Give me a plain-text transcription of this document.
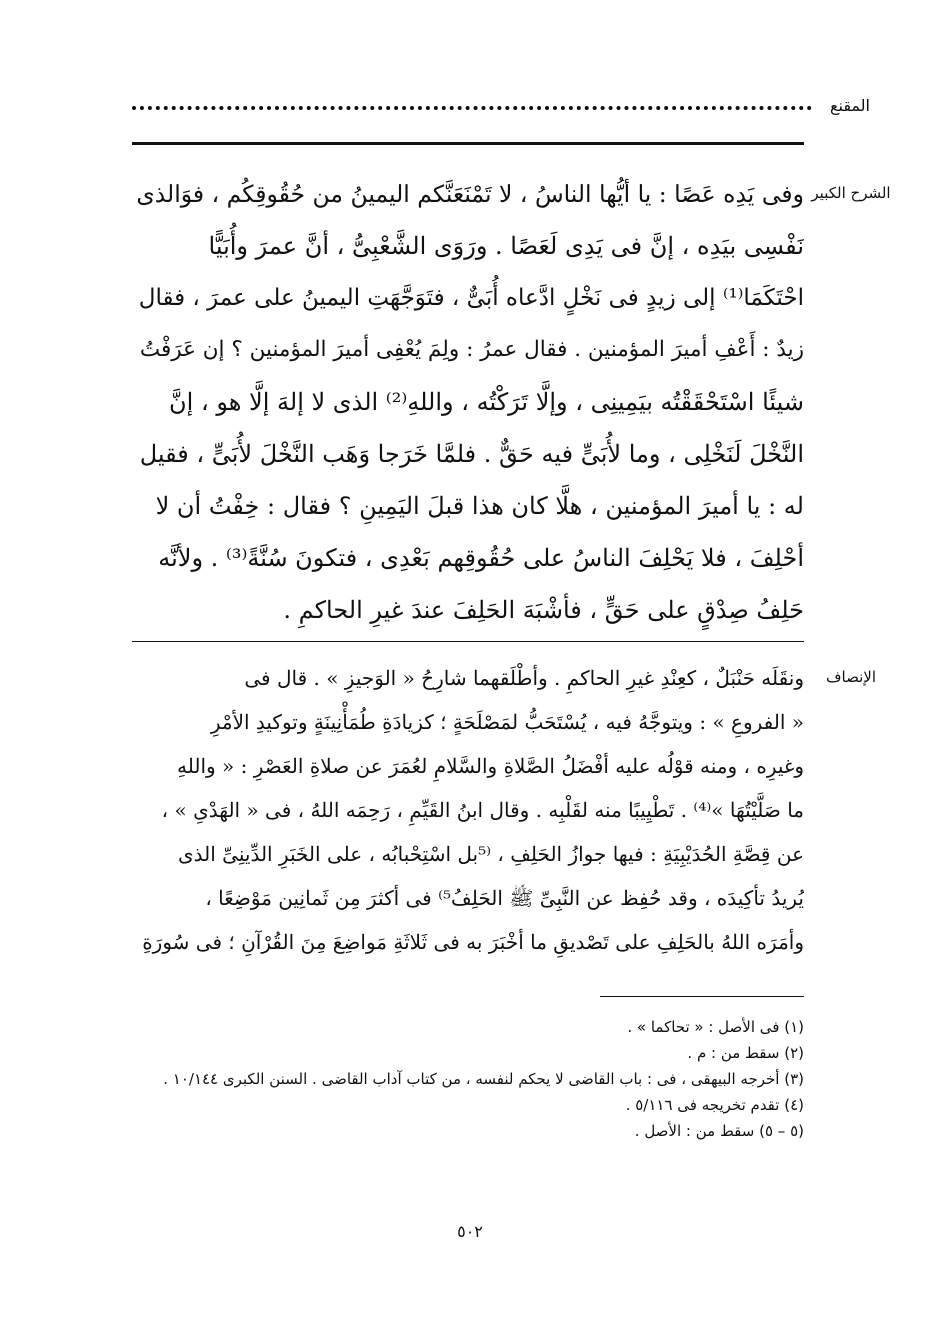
المقنع
الشرح الكبير
وفى يَدِه عَصًا : يا أيُّها الناسُ ، لا تَمْنَعَنَّكم اليمينُ من حُقُوقِكُم ، فوَالذى
نَفْسِى بيَدِه ، إنَّ فى يَدِى لَعَصًا . ورَوَى الشَّعْبِىُّ ، أنَّ عمرَ وأُبَيًّا
احْتَكَمَا⁽¹⁾ إلى زيدٍ فى نَخْلٍ ادَّعاه أُبَىٌّ ، فتَوَجَّهَتِ اليمينُ على عمرَ ، فقال
زيدٌ : أَعْفِ أميرَ المؤمنين . فقال عمرُ : ولِمَ يُعْفِى أميرَ المؤمنين ؟ إن عَرَفْتُ
شيئًا اسْتَحْقَقْتُه بيَمِينِى ، وإلَّا تَرَكْتُه ، واللهِ⁽²⁾ الذى لا إلهَ إلَّا هو ، إنَّ
النَّخْلَ لَنَخْلِى ، وما لأُبَىٍّ فيه حَقٌّ . فلمَّا خَرَجا وَهَب النَّخْلَ لأُبَىٍّ ، فقيل
له : يا أميرَ المؤمنين ، هلَّا كان هذا قبلَ اليَمِينِ ؟ فقال : خِفْتُ أن لا
أحْلِفَ ، فلا يَحْلِفَ الناسُ على حُقُوقِهم بَعْدِى ، فتكونَ سُنَّةً⁽³⁾ . ولأنَّه
حَلِفُ صِدْقٍ على حَقٍّ ، فأشْبَهَ الحَلِفَ عندَ غيرِ الحاكمِ .
الإنصاف
ونقَلَه حَنْبَلٌ ، كعِنْدِ غيرِ الحاكمِ . وأطْلَقهما شارِحُ « الوَجيزِ » . قال فى
« الفروعِ » : ويتوجَّهُ فيه ، يُسْتَحَبُّ لمَصْلَحَةٍ ؛ كزيادَةِ طُمَأْنِينَةٍ وتوكيدِ الأمْرِ
وغيرِه ، ومنه قوْلُه عليه أفْضَلُ الصَّلاةِ والسَّلامِ لعُمَرَ عن صلاةِ العَصْرِ : « واللهِ
ما صَلَّيْتُهَا »⁽⁴⁾ . تَطْيِيبًا منه لقَلْبِه . وقال ابنُ القَيِّمِ ، رَحِمَه اللهُ ، فى « الهَدْىِ » ،
عن قِصَّةِ الحُدَيْبِيَةِ : فيها جوازُ الحَلِفِ ، ⁽⁵بل اسْتِحْبابُه ، على الخَبَرِ الدِّينِىِّ الذى
يُريدُ تأكِيدَه ، وقد حُفِظ عن النَّبِىِّ ﷺ الحَلِفُ⁵⁾ فى أكثرَ مِن ثَمانِين مَوْضِعًا ،
وأمَرَه اللهُ بالحَلِفِ على تَصْديقِ ما أخْبَرَ به فى ثَلاثَةِ مَواضِعَ مِنَ القُرْآنِ ؛ فى سُورَةِ
(١) فى الأصل : « تحاكما » .
(٢) سقط من : م .
(٣) أخرجه البيهقى ، فى : باب القاضى لا يحكم لنفسه ، من كتاب آداب القاضى . السنن الكبرى ١٠/١٤٤ .
(٤) تقدم تخريجه فى ٥/١١٦ .
(٥ – ٥) سقط من : الأصل .
٥٠٢
